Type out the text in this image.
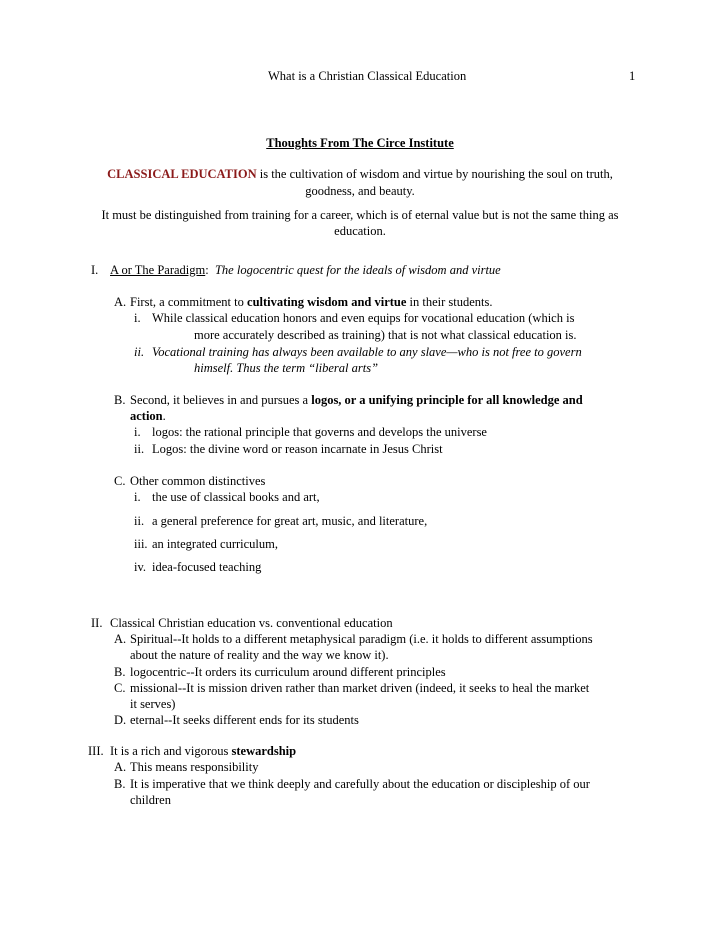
What is a Christian Classical Education	1
Thoughts From The Circe Institute
CLASSICAL EDUCATION is the cultivation of wisdom and virtue by nourishing the soul on truth,
goodness, and beauty.
It must be distinguished from training for a career, which is of eternal value but is not the same thing as
education.
I. A or The Paradigm: The logocentric quest for the ideals of wisdom and virtue
A. First, a commitment to cultivating wisdom and virtue in their students.
i. While classical education honors and even equips for vocational education (which is
more accurately described as training) that is not what classical education is.
ii. Vocational training has always been available to any slave—who is not free to govern
himself. Thus the term “liberal arts”
B. Second, it believes in and pursues a logos, or a unifying principle for all knowledge and
action.
i. logos: the rational principle that governs and develops the universe
ii. Logos: the divine word or reason incarnate in Jesus Christ
C. Other common distinctives
i. the use of classical books and art,
ii. a general preference for great art, music, and literature,
iii. an integrated curriculum,
iv. idea-focused teaching
II. Classical Christian education vs. conventional education
A. Spiritual--It holds to a different metaphysical paradigm (i.e. it holds to different assumptions
about the nature of reality and the way we know it).
B. logocentric--It orders its curriculum around different principles
C. missional--It is mission driven rather than market driven (indeed, it seeks to heal the market
it serves)
D. eternal--It seeks different ends for its students
III. It is a rich and vigorous stewardship
A. This means responsibility
B. It is imperative that we think deeply and carefully about the education or discipleship of our
children
